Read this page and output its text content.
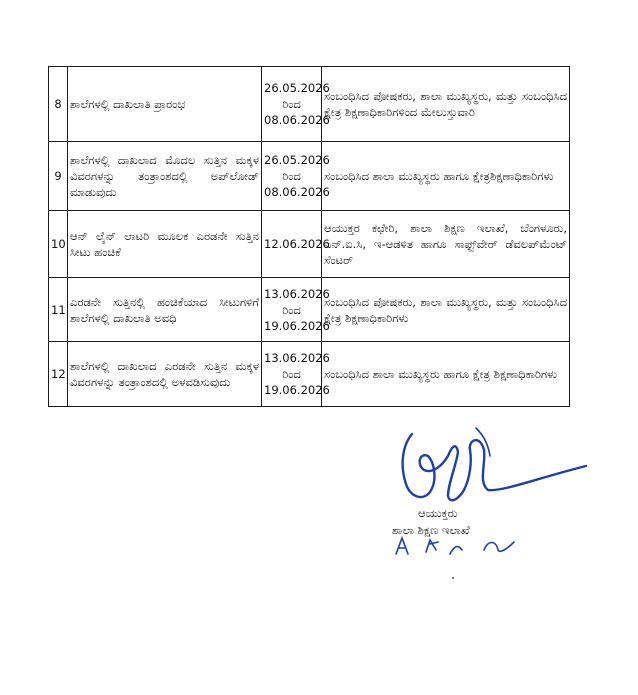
8	ಶಾಲೆಗಳಲ್ಲಿ ದಾಖಲಾತಿ ಪ್ರಾರಂಭ	26.05.2026
ರಿಂದ
08.06.2026	ಸಂಬಂಧಿಸಿದ ಪೋಷಕರು, ಶಾಲಾ ಮುಖ್ಯಸ್ಥರು, ಮತ್ತು ಸಂಬಂಧಿಸಿದ ಕ್ಷೇತ್ರ ಶಿಕ್ಷಣಾಧಿಕಾರಿಗಳಿಂದ ಮೇಲುಸ್ತುವಾರಿ
9	ಶಾಲೆಗಳಲ್ಲಿ ದಾಖಲಾದ ಮೊದಲ ಸುತ್ತಿನ ಮಕ್ಕಳ ವಿವರಗಳನ್ನು ತಂತ್ರಾಂಶದಲ್ಲಿ ಅಪ್‌ಲೋಡ್ ಮಾಡುವುದು	26.05.2026
ರಿಂದ
08.06.2026	ಸಂಬಂಧಿಸಿದ ಶಾಲಾ ಮುಖ್ಯಸ್ಥರು ಹಾಗೂ ಕ್ಷೇತ್ರಶಿಕ್ಷಣಾಧಿಕಾರಿಗಳು
10	ಆನ್ ಲೈನ್ ಲಾಟರಿ ಮೂಲಕ ಎರಡನೇ ಸುತ್ತಿನ ಸೀಟು ಹಂಚಿಕೆ	12.06.2026	ಆಯುಕ್ತರ ಕಛೇರಿ, ಶಾಲಾ ಶಿಕ್ಷಣ ಇಲಾಖೆ, ಬೆಂಗಳೂರು, ಎನ್.ಐ.ಸಿ, ಇ-ಆಡಳಿತ ಹಾಗೂ ಸಾಫ್ಟ್‌ವೇರ್ ಡೆವಲಪ್‌ಮೆಂಟ್ ಸೆಂಟರ್
11	ಎರಡನೇ ಸುತ್ತಿನಲ್ಲಿ ಹಂಚಿಕೆಯಾದ ಸೀಟುಗಳಿಗೆ ಶಾಲೆಗಳಲ್ಲಿ ದಾಖಲಾತಿ ಅವಧಿ	13.06.2026
ರಿಂದ
19.06.2026	ಸಂಬಂಧಿಸಿದ ಪೋಷಕರು, ಶಾಲಾ ಮುಖ್ಯಸ್ಥರು, ಮತ್ತು ಸಂಬಂಧಿಸಿದ ಕ್ಷೇತ್ರ ಶಿಕ್ಷಣಾಧಿಕಾರಿಗಳು
12	ಶಾಲೆಗಳಲ್ಲಿ ದಾಖಲಾದ ಎರಡನೇ ಸುತ್ತಿನ ಮಕ್ಕಳ ವಿವರಗಳನ್ನು ತಂತ್ರಾಂಶದಲ್ಲಿ ಅಳವಡಿಸುವುದು	13.06.2026
ರಿಂದ
19.06.2026	ಸಂಬಂಧಿಸಿದ ಶಾಲಾ ಮುಖ್ಯಸ್ಥರು ಹಾಗೂ ಕ್ಷೇತ್ರ ಶಿಕ್ಷಣಾಧಿಕಾರಿಗಳು
ಆಯುಕ್ತರು
ಶಾಲಾ ಶಿಕ್ಷಣ ಇಲಾಖೆ
